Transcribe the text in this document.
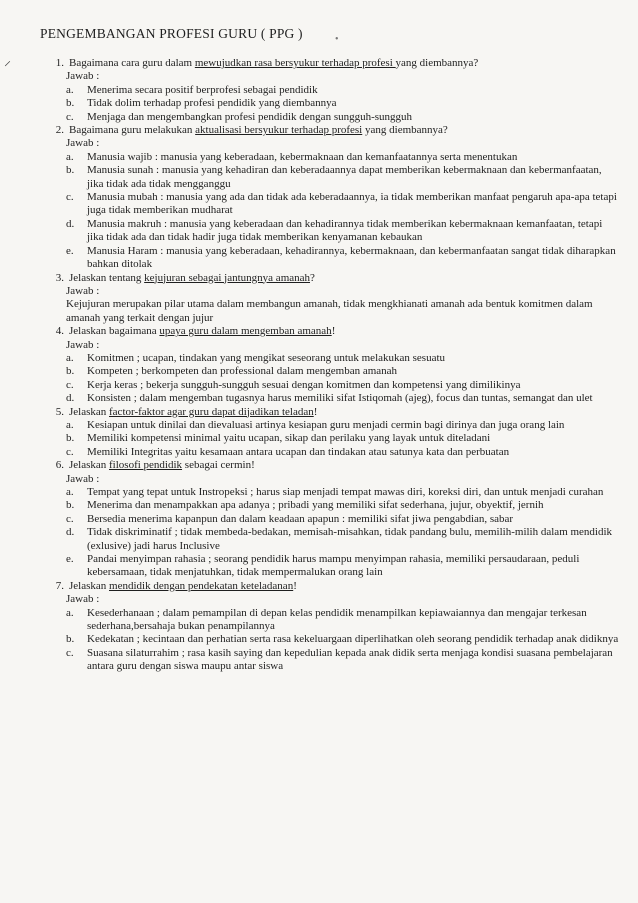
PENGEMBANGAN PROFESI GURU ( PPG )	•
⸍	1. Bagaimana cara guru dalam mewujudkan rasa bersyukur terhadap profesi yang diembannya?
Jawab :
a.	Menerima secara positif berprofesi sebagai pendidik
b.	Tidak dolim terhadap profesi pendidik yang diembannya
c.	Menjaga dan mengembangkan profesi pendidik dengan sungguh-sungguh
2. Bagaimana guru melakukan aktualisasi bersyukur terhadap profesi yang diembannya?
Jawab :
a.	Manusia wajib : manusia yang keberadaan, kebermaknaan dan kemanfaatannya serta menentukan
b.	Manusia sunah : manusia yang kehadiran dan keberadaannya dapat memberikan kebermaknaan dan kebermanfaatan, jika tidak ada tidak mengganggu
c.	Manusia mubah : manusia yang ada dan tidak ada keberadaannya, ia tidak memberikan manfaat pengaruh apa-apa tetapi juga tidak memberikan mudharat
d.	Manusia makruh : manusia yang keberadaan dan kehadirannya tidak memberikan kebermaknaan kemanfaatan, tetapi jika tidak ada dan tidak hadir juga tidak memberikan kenyamanan kebaukan
e.	Manusia Haram : manusia yang keberadaan, kehadirannya, kebermaknaan, dan kebermanfaatan sangat tidak diharapkan bahkan ditolak
3. Jelaskan tentang kejujuran sebagai jantungnya amanah?
Jawab :
Kejujuran merupakan pilar utama dalam membangun amanah, tidak mengkhianati amanah ada bentuk komitmen dalam amanah yang terkait dengan jujur
4. Jelaskan bagaimana upaya guru dalam mengemban amanah!
Jawab :
a.	Komitmen ; ucapan, tindakan yang mengikat seseorang untuk melakukan sesuatu
b.	Kompeten ; berkompeten dan professional dalam mengemban amanah
c.	Kerja keras ; bekerja sungguh-sungguh sesuai dengan komitmen dan kompetensi yang dimilikinya
d.	Konsisten ; dalam mengemban tugasnya harus memiliki sifat Istiqomah (ajeg), focus dan tuntas, semangat dan ulet
5. Jelaskan factor-faktor agar guru dapat dijadikan teladan!
a.	Kesiapan untuk dinilai dan dievaluasi artinya kesiapan guru menjadi cermin bagi dirinya dan juga orang lain
b.	Memiliki kompetensi minimal yaitu ucapan, sikap dan perilaku yang layak untuk diteladani
c.	Memiliki Integritas yaitu kesamaan antara ucapan dan tindakan atau satunya kata dan perbuatan
6. Jelaskan filosofi pendidik sebagai cermin!
Jawab :
a.	Tempat yang tepat untuk Instropeksi ; harus siap menjadi tempat mawas diri, koreksi diri, dan untuk menjadi curahan
b.	Menerima dan menampakkan apa adanya ; pribadi yang memiliki sifat sederhana, jujur, obyektif, jernih
c.	Bersedia menerima kapanpun dan dalam keadaan apapun : memiliki sifat jiwa pengabdian, sabar
d.	Tidak diskriminatif ; tidak membeda-bedakan, memisah-misahkan, tidak pandang bulu, memilih-milih dalam mendidik (exlusive) jadi harus Inclusive
e.	Pandai menyimpan rahasia ; seorang pendidik harus mampu menyimpan rahasia, memiliki persaudaraan, peduli kebersamaan, tidak menjatuhkan, tidak mempermalukan orang lain
7. Jelaskan mendidik dengan pendekatan keteladanan!
Jawab :
a.	Kesederhanaan ; dalam pemampilan di depan kelas pendidik menampilkan kepiawaiannya dan mengajar terkesan sederhana,bersahaja bukan penampilannya
b.	Kedekatan ; kecintaan dan perhatian serta rasa kekeluargaan diperlihatkan oleh seorang pendidik terhadap anak didiknya
c.	Suasana silaturrahim ; rasa kasih saying dan kepedulian kepada anak didik serta menjaga kondisi suasana pembelajaran antara guru dengan siswa maupu antar siswa
